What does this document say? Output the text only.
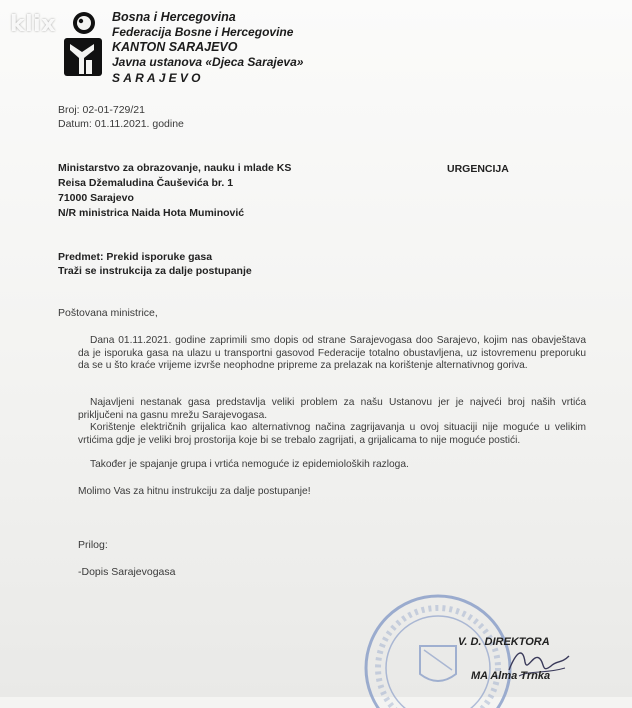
klix	Bosna i Hercegovina
Federacija Bosne i Hercegovine
KANTON SARAJEVO
Javna ustanova «Djeca Sarajeva»
SARAJEVO
Broj: 02-01-729/21
Datum: 01.11.2021. godine
Ministarstvo za obrazovanje, nauku i mlade KS
Reisa Džemaludina Čauševića br. 1
71000 Sarajevo
N/R ministrica Naida Hota Muminović
URGENCIJA
Predmet: Prekid isporuke gasa
Traži se instrukcija za dalje postupanje
Poštovana ministrice,
Dana 01.11.2021. godine zaprimili smo dopis od strane Sarajevogasa doo Sarajevo, kojim nas obavještava da je isporuka gasa na ulazu u transportni gasovod Federacije totalno obustavljena, uz istovremenu preporuku da se u što kraće vrijeme izvrše neophodne pripreme za prelazak na korištenje alternativnog goriva.
Najavljeni nestanak gasa predstavlja veliki problem za našu Ustanovu jer je najveći broj naših vrtića priključeni na gasnu mrežu Sarajevogasa.
Korištenje električnih grijalica kao alternativnog načina zagrijavanja u ovoj situaciji nije moguće u velikim vrtićima gdje je veliki broj prostorija koje bi se trebalo zagrijati, a grijalicama to nije moguće postići.
Također je spajanje grupa i vrtića nemoguće iz epidemioloških razloga.
Molimo Vas za hitnu instrukciju za dalje postupanje!
Prilog:
-Dopis Sarajevogasa
V. D. DIREKTORA
MA Alma Trnka
